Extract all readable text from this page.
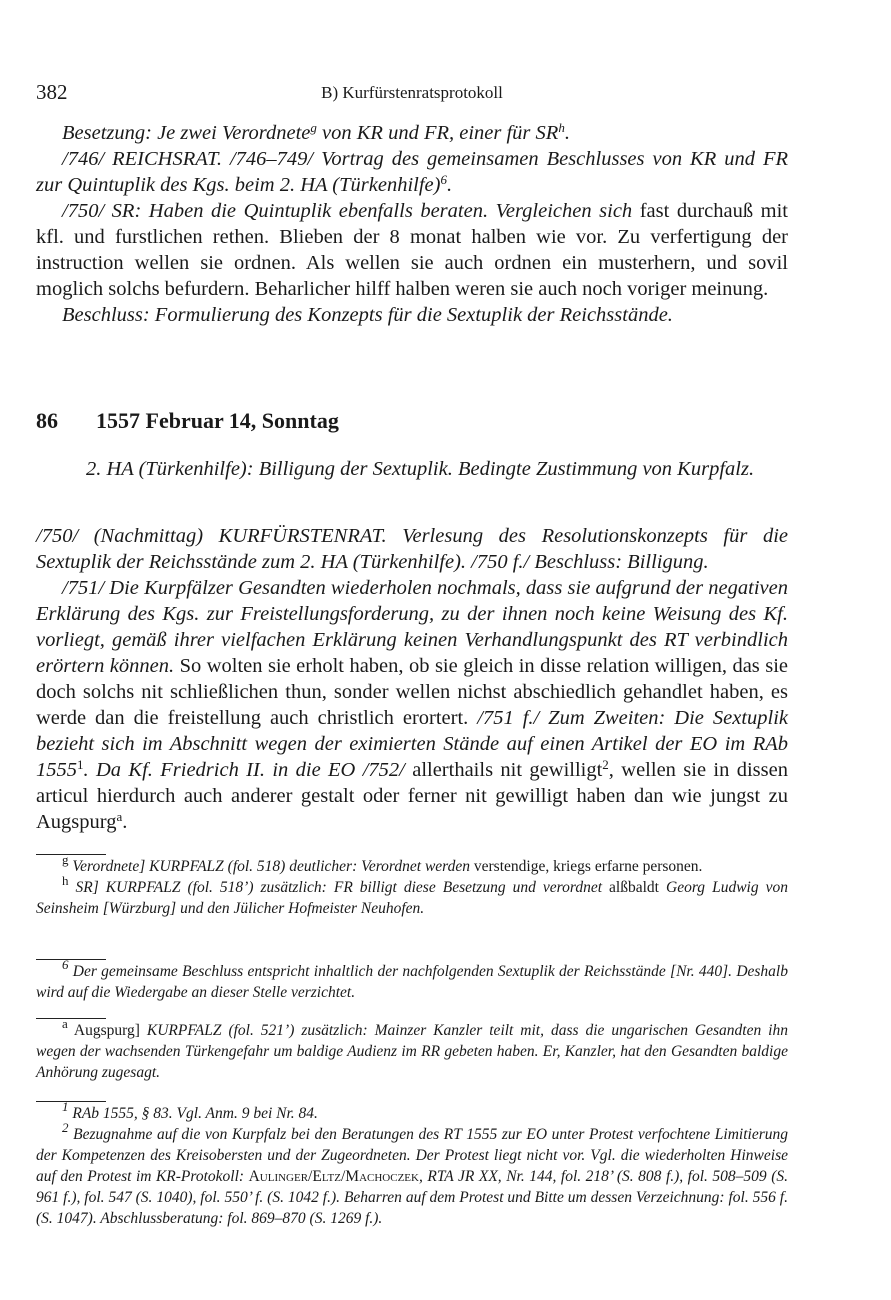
382	B) Kurfürstenratsprotokoll

Besetzung: Je zwei Verordnete$^g$ von KR und FR, einer für $SR^h$.

/746/ REICHSRAT. /746–749/ Vortrag des gemeinsamen Beschlusses von KR und FR zur Quintuplik des Kgs. beim 2. HA (Türkenhilfe)$^6$.

/750/ SR: Haben die Quintuplik ebenfalls beraten. Vergleichen sich fast durchauß mit kfl. und furstlichen rethen. Blieben der 8 monat halben wie vor. Zu verfertigung der instruction wellen sie ordnen. Als wellen sie auch ordnen ein musterhern, und sovil moglich solchs befurdern. Beharlicher hilff halben weren sie auch noch voriger meinung.

Beschluss: Formulierung des Konzepts für die Sextuplik der Reichsstände.

86 1557 Februar 14, Sonntag
2. HA (Türkenhilfe): Billigung der Sextuplik. Bedingte Zustimmung von Kurpfalz.

/750/ (Nachmittag) KURFÜRSTENRAT. Verlesung des Resolutionskonzepts für die Sextuplik der Reichsstände zum 2. HA (Türkenhilfe). /750 f./ Beschluss: Billigung.

/751/ Die Kurpfälzer Gesandten wiederholen nochmals, dass sie aufgrund der negativen Erklärung des Kgs. zur Freistellungsforderung, zu der ihnen noch keine Weisung des Kf. vorliegt, gemäß ihrer vielfachen Erklärung keinen Verhandlungspunkt des RT verbindlich erörtern können. So wolten sie erholt haben, ob sie gleich in disse relation willigen, das sie doch solchs nit schließlichen thun, sonder wellen nichst abschiedlich gehandlet haben, es werde dan die freistellung auch christlich erortert. /751 f./ Zum Zweiten: Die Sextuplik bezieht sich im Abschnitt wegen der eximierten Stände auf einen Artikel der EO im RAb 1555$^1$. Da Kf. Friedrich II. in die EO /752/ allerthails nit gewilligt$^2$, wellen sie in dissen articul hierdurch auch anderer gestalt oder ferner nit gewilligt haben dan wie jungst zu Augspurg$^a$.

$^g$ Verordnete] KURPFALZ (fol. 518) deutlicher: Verordnet werden verstendige, kriegs erfarne personen.

$^h$ SR] KURPFALZ (fol. 518’) zusätzlich: FR billigt diese Besetzung und verordnet alßbaldt Georg Ludwig von Seinsheim [Würzburg] und den Jülicher Hofmeister Neuhofen.

$^6$ Der gemeinsame Beschluss entspricht inhaltlich der nachfolgenden Sextuplik der Reichsstände [Nr. 440]. Deshalb wird auf die Wiedergabe an dieser Stelle verzichtet.

$^a$ Augspurg] KURPFALZ (fol. 521’) zusätzlich: Mainzer Kanzler teilt mit, dass die ungarischen Gesandten ihn wegen der wachsenden Türkengefahr um baldige Audienz im RR gebeten haben. Er, Kanzler, hat den Gesandten baldige Anhörung zugesagt.

$^1$ RAb 1555, § 83. Vgl. Anm. 9 bei Nr. 84.

$^2$ Bezugnahme auf die von Kurpfalz bei den Beratungen des RT 1555 zur EO unter Protest verfochtene Limitierung der Kompetenzen des Kreisobersten und der Zugeordneten. Der Protest liegt nicht vor. Vgl. die wiederholten Hinweise auf den Protest im KR-Protokoll: Aulinger/Eltz/Machoczek, RTA JR XX, Nr. 144, fol. 218’ (S. 808 f.), fol. 508–509 (S. 961 f.), fol. 547 (S. 1040), fol. 550’ f. (S. 1042 f.). Beharren auf dem Protest und Bitte um dessen Verzeichnung: fol. 556 f. (S. 1047). Abschlussberatung: fol. 869–870 (S. 1269 f.).
